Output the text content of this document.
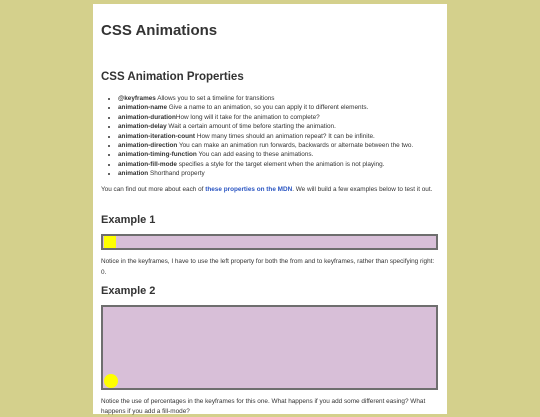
CSS Animations
CSS Animation Properties
• @keyframes Allows you to set a timeline for transitions
• animation-name Give a name to an animation, so you can apply it to different elements.
• animation-durationHow long will it take for the animation to complete?
• animation-delay Wait a certain amount of time before starting the animation.
• animation-iteration-count How many times should an animation repeat? It can be infinite.
• animation-direction You can make an animation run forwards, backwards or alternate between the two.
• animation-timing-function You can add easing to these animations.
• animation-fill-mode specifies a style for the target element when the animation is not playing.
• animation Shorthand property

You can find out more about each of these properties on the MDN. We will build a few examples below to test it out.

Example 1

Notice in the keyframes, I have to use the left property for both the from and to keyframes, rather than specifying right: 0.

Example 2

Notice the use of percentages in the keyframes for this one. What happens if you add some different easing? What happens if you add a fill-mode?
